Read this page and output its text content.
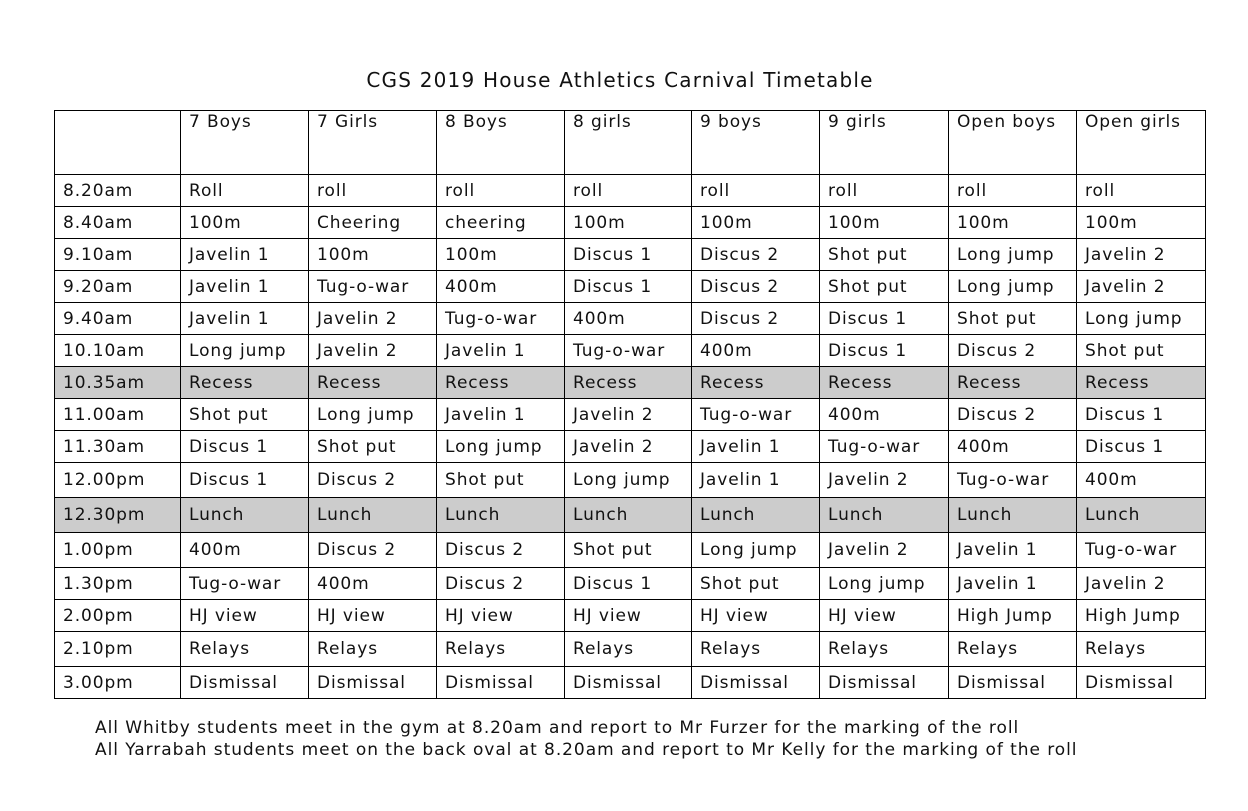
CGS 2019 House Athletics Carnival Timetable
	7 Boys	7 Girls	8 Boys	8 girls	9 boys	9 girls	Open boys	Open girls
8.20am	Roll	roll	roll	roll	roll	roll	roll	roll
8.40am	100m	Cheering	cheering	100m	100m	100m	100m	100m
9.10am	Javelin 1	100m	100m	Discus 1	Discus 2	Shot put	Long jump	Javelin 2
9.20am	Javelin 1	Tug-o-war	400m	Discus 1	Discus 2	Shot put	Long jump	Javelin 2
9.40am	Javelin 1	Javelin 2	Tug-o-war	400m	Discus 2	Discus 1	Shot put	Long jump
10.10am	Long jump	Javelin 2	Javelin 1	Tug-o-war	400m	Discus 1	Discus 2	Shot put
10.35am	Recess	Recess	Recess	Recess	Recess	Recess	Recess	Recess
11.00am	Shot put	Long jump	Javelin 1	Javelin 2	Tug-o-war	400m	Discus 2	Discus 1
11.30am	Discus 1	Shot put	Long jump	Javelin 2	Javelin 1	Tug-o-war	400m	Discus 1
12.00pm	Discus 1	Discus 2	Shot put	Long jump	Javelin 1	Javelin 2	Tug-o-war	400m
12.30pm	Lunch	Lunch	Lunch	Lunch	Lunch	Lunch	Lunch	Lunch
1.00pm	400m	Discus 2	Discus 2	Shot put	Long jump	Javelin 2	Javelin 1	Tug-o-war
1.30pm	Tug-o-war	400m	Discus 2	Discus 1	Shot put	Long jump	Javelin 1	Javelin 2
2.00pm	HJ view	HJ view	HJ view	HJ view	HJ view	HJ view	High Jump	High Jump
2.10pm	Relays	Relays	Relays	Relays	Relays	Relays	Relays	Relays
3.00pm	Dismissal	Dismissal	Dismissal	Dismissal	Dismissal	Dismissal	Dismissal	Dismissal
All Whitby students meet in the gym at 8.20am and report to Mr Furzer for the marking of the roll
All Yarrabah students meet on the back oval at 8.20am and report to Mr Kelly for the marking of the roll
